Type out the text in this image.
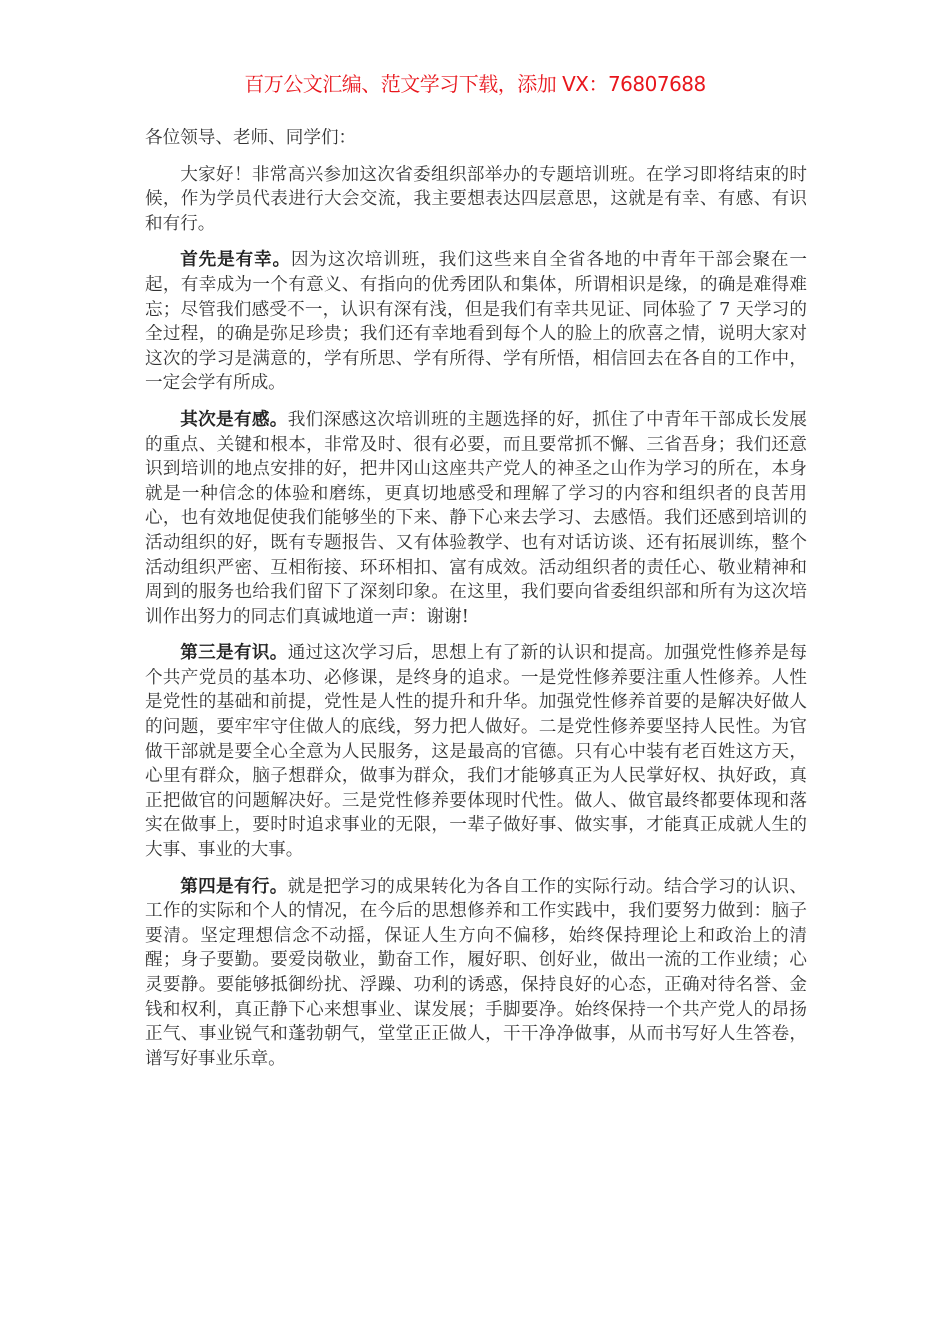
百万公文汇编、范文学习下载，添加 VX：76807688
各位领导、老师、同学们：

大家好！非常高兴参加这次省委组织部举办的专题培训班。在学习即将结束的时候，作为学员代表进行大会交流，我主要想表达四层意思，这就是有幸、有感、有识和有行。

首先是有幸。因为这次培训班，我们这些来自全省各地的中青年干部会聚在一起，有幸成为一个有意义、有指向的优秀团队和集体，所谓相识是缘，的确是难得难忘；尽管我们感受不一，认识有深有浅，但是我们有幸共见证、同体验了 7 天学习的全过程，的确是弥足珍贵；我们还有幸地看到每个人的脸上的欣喜之情，说明大家对这次的学习是满意的，学有所思、学有所得、学有所悟，相信回去在各自的工作中，一定会学有所成。

其次是有感。我们深感这次培训班的主题选择的好，抓住了中青年干部成长发展的重点、关键和根本，非常及时、很有必要，而且要常抓不懈、三省吾身；我们还意识到培训的地点安排的好，把井冈山这座共产党人的神圣之山作为学习的所在，本身就是一种信念的体验和磨练，更真切地感受和理解了学习的内容和组织者的良苦用心，也有效地促使我们能够坐的下来、静下心来去学习、去感悟。我们还感到培训的活动组织的好，既有专题报告、又有体验教学、也有对话访谈、还有拓展训练，整个活动组织严密、互相衔接、环环相扣、富有成效。活动组织者的责任心、敬业精神和周到的服务也给我们留下了深刻印象。在这里，我们要向省委组织部和所有为这次培训作出努力的同志们真诚地道一声：谢谢!

第三是有识。通过这次学习后，思想上有了新的认识和提高。加强党性修养是每个共产党员的基本功、必修课，是终身的追求。一是党性修养要注重人性修养。人性是党性的基础和前提，党性是人性的提升和升华。加强党性修养首要的是解决好做人的问题，要牢牢守住做人的底线，努力把人做好。二是党性修养要坚持人民性。为官做干部就是要全心全意为人民服务，这是最高的官德。只有心中装有老百姓这方天，心里有群众，脑子想群众，做事为群众，我们才能够真正为人民掌好权、执好政，真正把做官的问题解决好。三是党性修养要体现时代性。做人、做官最终都要体现和落实在做事上，要时时追求事业的无限，一辈子做好事、做实事，才能真正成就人生的大事、事业的大事。

第四是有行。就是把学习的成果转化为各自工作的实际行动。结合学习的认识、工作的实际和个人的情况，在今后的思想修养和工作实践中，我们要努力做到：脑子要清。坚定理想信念不动摇，保证人生方向不偏移，始终保持理论上和政治上的清醒；身子要勤。要爱岗敬业，勤奋工作，履好职、创好业，做出一流的工作业绩；心灵要静。要能够抵御纷扰、浮躁、功利的诱惑，保持良好的心态，正确对待名誉、金钱和权利，真正静下心来想事业、谋发展；手脚要净。始终保持一个共产党人的昂扬正气、事业锐气和蓬勃朝气，堂堂正正做人，干干净净做事，从而书写好人生答卷，谱写好事业乐章。
